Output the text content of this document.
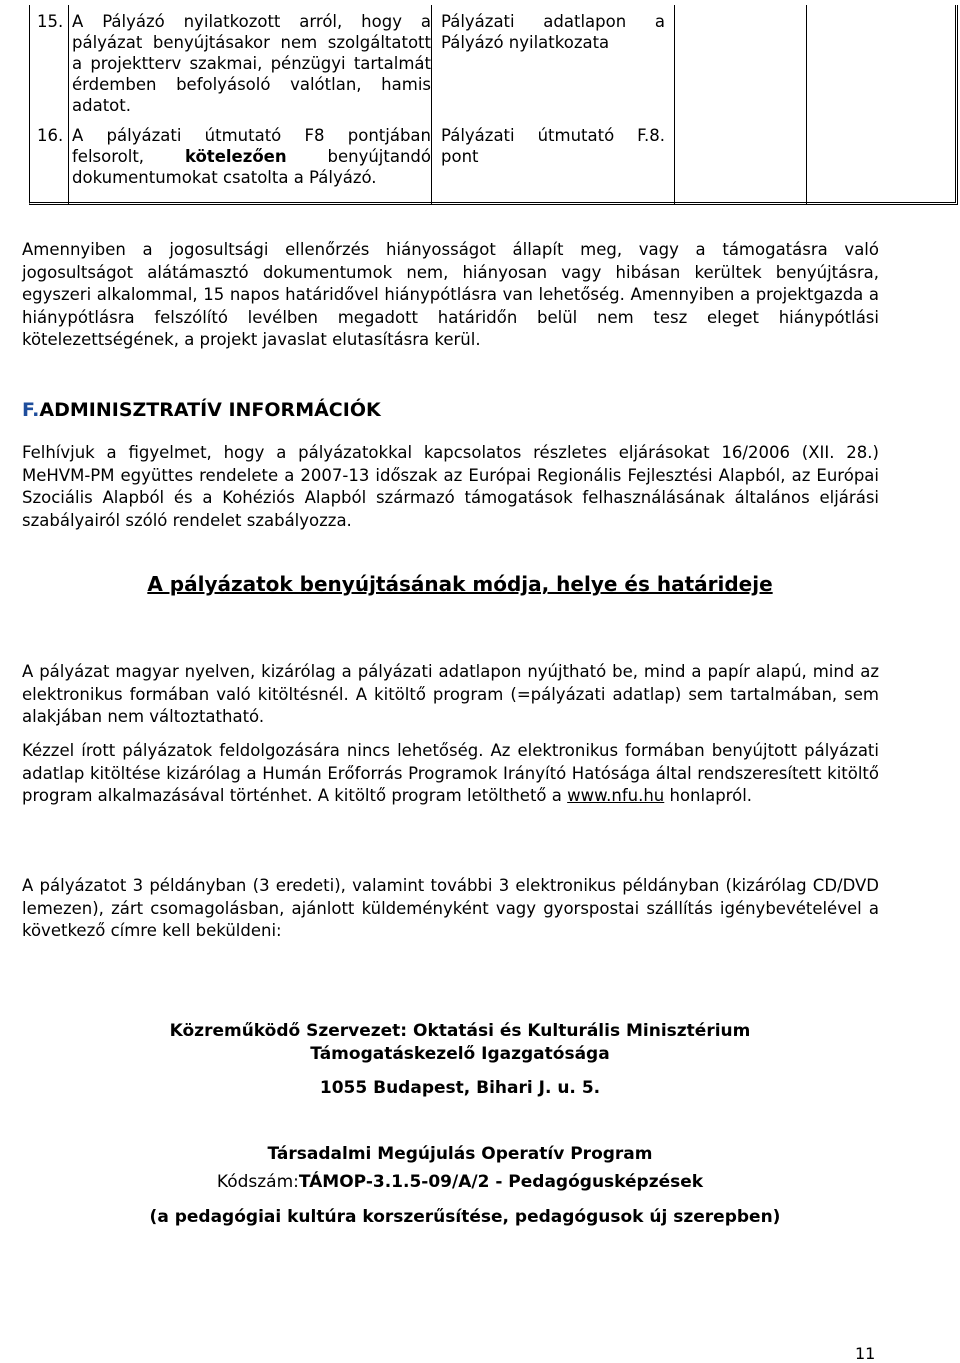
15. A Pályázó nyilatkozott arról, hogy a
pályázat benyújtásakor nem szolgáltatott
a projektterv szakmai, pénzügyi tartalmát
érdemben befolyásoló valótlan, hamis
adatot.
Pályázati adatlapon a
Pályázó nyilatkozata
16. A pályázati útmutató F8 pontjában
felsorolt, kötelezően benyújtandó
dokumentumokat csatolta a Pályázó.
Pályázati útmutató F.8.
pont
Amennyiben a jogosultsági ellenőrzés hiányosságot állapít meg, vagy a támogatásra való jogosultságot alátámasztó dokumentumok nem, hiányosan vagy hibásan kerültek benyújtásra, egyszeri alkalommal, 15 napos határidővel hiánypótlásra van lehetőség. Amennyiben a projektgazda a hiánypótlásra felszólító levélben megadott határidőn belül nem tesz eleget hiánypótlási kötelezettségének, a projekt javaslat elutasításra kerül.
F.ADMINISZTRATÍV INFORMÁCIÓK
Felhívjuk a figyelmet, hogy a pályázatokkal kapcsolatos részletes eljárásokat 16/2006 (XII. 28.) MeHVM-PM együttes rendelete a 2007-13 időszak az Európai Regionális Fejlesztési Alapból, az Európai Szociális Alapból és a Kohéziós Alapból származó támogatások felhasználásának általános eljárási szabályairól szóló rendelet szabályozza.
A pályázatok benyújtásának módja, helye és határideje
A pályázat magyar nyelven, kizárólag a pályázati adatlapon nyújtható be, mind a papír alapú, mind az elektronikus formában való kitöltésnél. A kitöltő program (=pályázati adatlap) sem tartalmában, sem alakjában nem változtatható.
Kézzel írott pályázatok feldolgozására nincs lehetőség. Az elektronikus formában benyújtott pályázati adatlap kitöltése kizárólag a Humán Erőforrás Programok Irányító Hatósága által rendszeresített kitöltő program alkalmazásával történhet. A kitöltő program letölthető a www.nfu.hu honlapról.
A pályázatot 3 példányban (3 eredeti), valamint további 3 elektronikus példányban (kizárólag CD/DVD lemezen), zárt csomagolásban, ajánlott küldeményként vagy gyorspostai szállítás igénybevételével a következő címre kell beküldeni:
Közreműködő Szervezet: Oktatási és Kulturális Minisztérium
Támogatáskezelő Igazgatósága
1055 Budapest, Bihari J. u. 5.
Társadalmi Megújulás Operatív Program
Kódszám:TÁMOP-3.1.5-09/A/2 - Pedagógusképzések
(a pedagógiai kultúra korszerűsítése, pedagógusok új szerepben)
11
